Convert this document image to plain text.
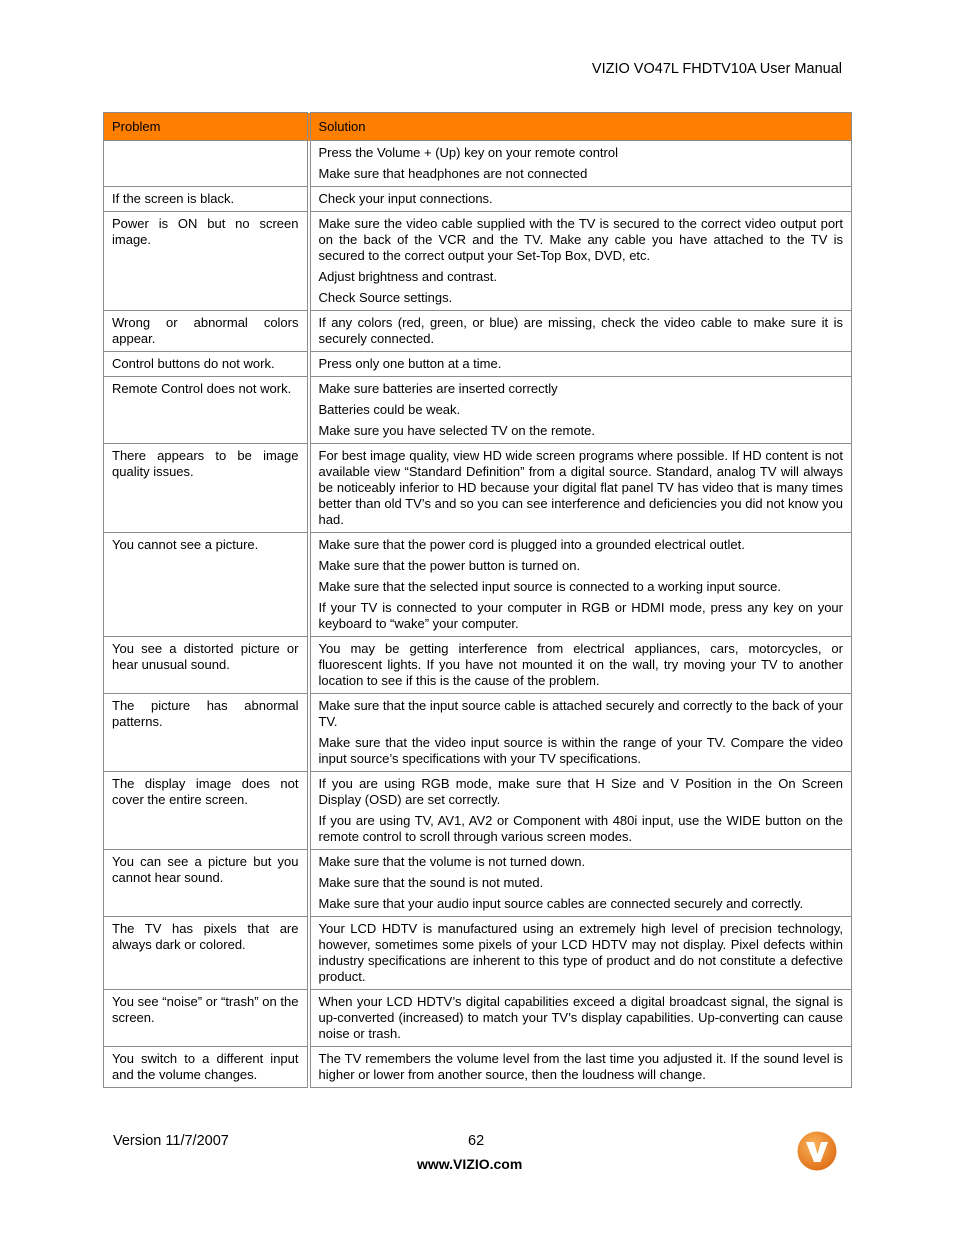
VIZIO VO47L FHDTV10A User Manual
Problem	Solution

	Press the Volume + (Up) key on your remote control

Make sure that headphones are not connected

If the screen is black.	Check your input connections.

Power is ON but no screen image.	Make sure the video cable supplied with the TV is secured to the correct video output port on the back of the VCR and the TV. Make any cable you have attached to the TV is secured to the correct output your Set-Top Box, DVD, etc.

Adjust brightness and contrast.

Check Source settings.

Wrong or abnormal colors appear.	If any colors (red, green, or blue) are missing, check the video cable to make sure it is securely connected.

Control buttons do not work.	Press only one button at a time.

Remote Control does not work.	Make sure batteries are inserted correctly

Batteries could be weak.

Make sure you have selected TV on the remote.

There appears to be image quality issues.	For best image quality, view HD wide screen programs where possible. If HD content is not available view “Standard Definition” from a digital source. Standard, analog TV will always be noticeably inferior to HD because your digital flat panel TV has video that is many times better than old TV’s and so you can see interference and deficiencies you did not know you had.

You cannot see a picture.	Make sure that the power cord is plugged into a grounded electrical outlet.

Make sure that the power button is turned on.

Make sure that the selected input source is connected to a working input source.

If your TV is connected to your computer in RGB or HDMI mode, press any key on your keyboard to “wake” your computer.

You see a distorted picture or hear unusual sound.	You may be getting interference from electrical appliances, cars, motorcycles, or fluorescent lights. If you have not mounted it on the wall, try moving your TV to another location to see if this is the cause of the problem.

The picture has abnormal patterns.	Make sure that the input source cable is attached securely and correctly to the back of your TV.

Make sure that the video input source is within the range of your TV. Compare the video input source’s specifications with your TV specifications.

The display image does not cover the entire screen.	If you are using RGB mode, make sure that H Size and V Position in the On Screen Display (OSD) are set correctly.

If you are using TV, AV1, AV2 or Component with 480i input, use the WIDE button on the remote control to scroll through various screen modes.

You can see a picture but you cannot hear sound.	Make sure that the volume is not turned down.

Make sure that the sound is not muted.

Make sure that your audio input source cables are connected securely and correctly.

The TV has pixels that are always dark or colored.	Your LCD HDTV is manufactured using an extremely high level of precision technology, however, sometimes some pixels of your LCD HDTV may not display. Pixel defects within industry specifications are inherent to this type of product and do not constitute a defective product.

You see “noise” or “trash” on the screen.	When your LCD HDTV’s digital capabilities exceed a digital broadcast signal, the signal is up-converted (increased) to match your TV’s display capabilities. Up-converting can cause noise or trash.

You switch to a different input and the volume changes.	The TV remembers the volume level from the last time you adjusted it. If the sound level is higher or lower from another source, then the loudness will change.

Version 11/7/2007	62
www.VIZIO.com
